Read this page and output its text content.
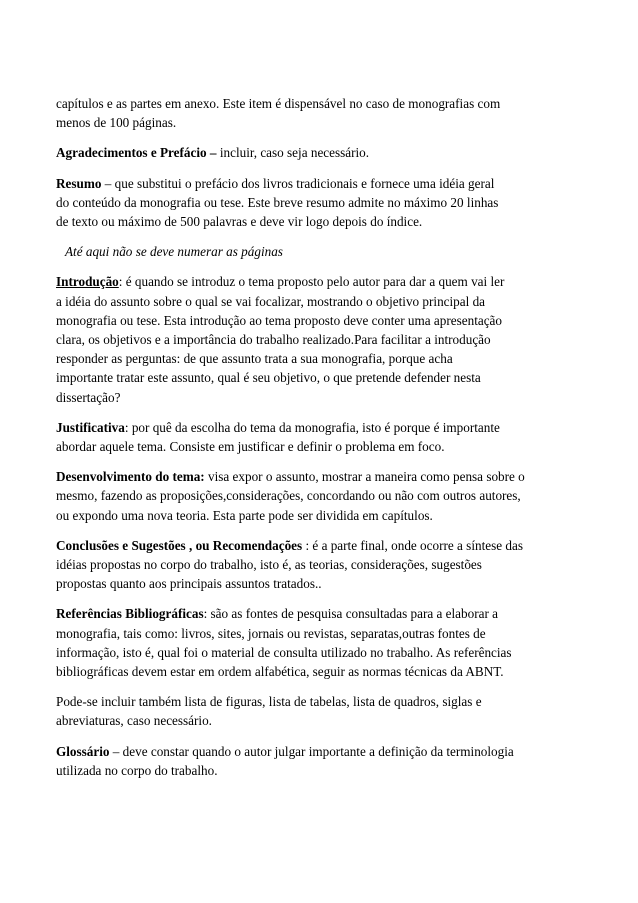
capítulos e as partes em anexo. Este item é dispensável no caso de monografias com
menos de 100 páginas.

Agradecimentos e Prefácio – incluir, caso seja necessário.

Resumo – que substitui o prefácio dos livros tradicionais e fornece uma idéia geral
do conteúdo da monografia ou tese. Este breve resumo admite no máximo 20 linhas
de texto ou máximo de 500 palavras e deve vir logo depois do índice.

Até aqui não se deve numerar as páginas

Introdução: é quando se introduz o tema proposto pelo autor para dar a quem vai ler
a idéia do assunto sobre o qual se vai focalizar, mostrando o objetivo principal da
monografia ou tese. Esta introdução ao tema proposto deve conter uma apresentação
clara, os objetivos e a importância do trabalho realizado.Para facilitar a introdução
responder as perguntas: de que assunto trata a sua monografia, porque acha
importante tratar este assunto, qual é seu objetivo, o que pretende defender nesta
dissertação?

Justificativa: por quê da escolha do tema da monografia, isto é porque é importante
abordar aquele tema. Consiste em justificar e definir o problema em foco.

Desenvolvimento do tema: visa expor o assunto, mostrar a maneira como pensa sobre o
mesmo, fazendo as proposições,considerações, concordando ou não com outros autores,
ou expondo uma nova teoria. Esta parte pode ser dividida em capítulos.

Conclusões e Sugestões , ou Recomendações : é a parte final, onde ocorre a síntese das
idéias propostas no corpo do trabalho, isto é, as teorias, considerações, sugestões
propostas quanto aos principais assuntos tratados..

Referências Bibliográficas: são as fontes de pesquisa consultadas para a elaborar a
monografia, tais como: livros, sites, jornais ou revistas, separatas,outras fontes de
informação, isto é, qual foi o material de consulta utilizado no trabalho. As referências
bibliográficas devem estar em ordem alfabética, seguir as normas técnicas da ABNT.

Pode-se incluir também lista de figuras, lista de tabelas, lista de quadros, siglas e
abreviaturas, caso necessário.

Glossário – deve constar quando o autor julgar importante a definição da terminologia
utilizada no corpo do trabalho.
